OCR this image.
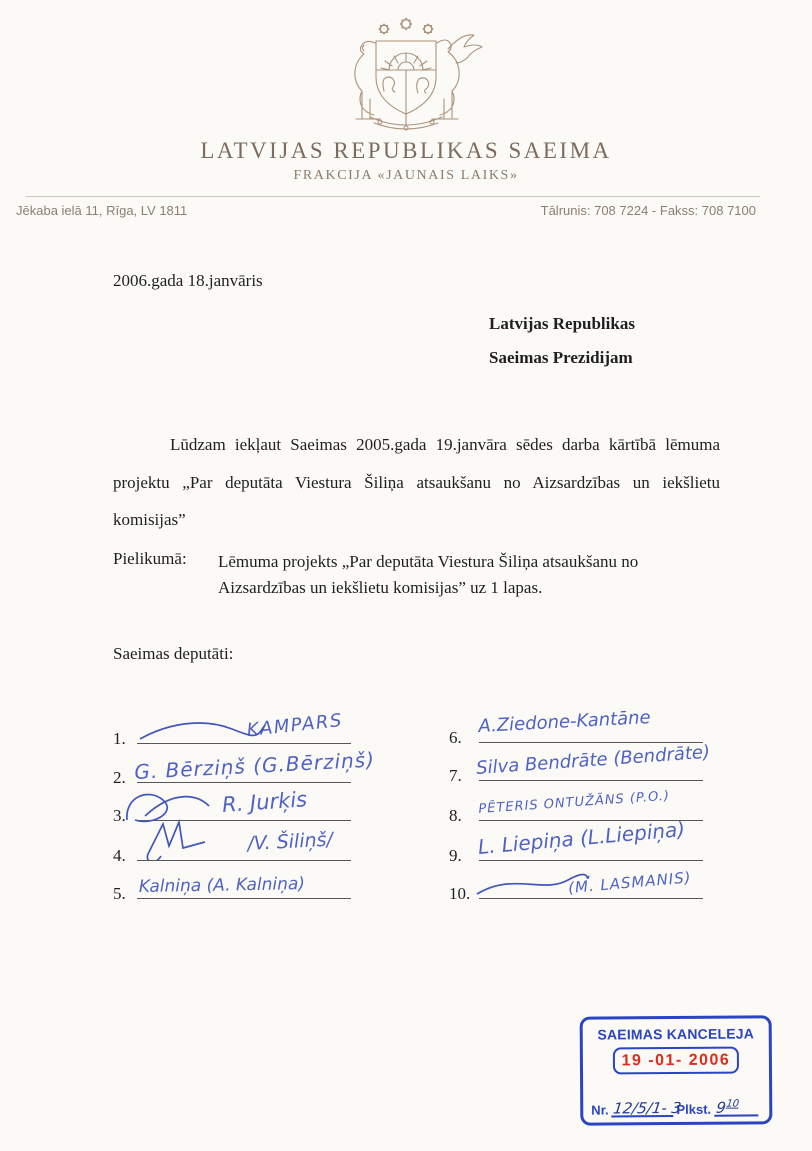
LATVIJAS REPUBLIKAS SAEIMA
FRAKCIJA «JAUNAIS LAIKS»
Jēkaba ielā 11, Rīga, LV 1811	Tālrunis: 708 7224 - Fakss: 708 7100
2006.gada 18.janvāris
Latvijas Republikas
Saeimas Prezidijam

Lūdzam iekļaut Saeimas 2005.gada 19.janvāra sēdes darba kārtībā lēmuma projektu „Par deputāta Viestura Šiliņa atsaukšanu no Aizsardzības un iekšlietu komisijas”

Pielikumā: Lēmuma projekts „Par deputāta Viestura Šiliņa atsaukšanu no
Aizsardzības un iekšlietu komisijas” uz 1 lapas.
Saeimas deputāti:
1.	KAMPARS
2. G. Bērziņš (G.Bērziņš)
3.	R. Jurķis
4.
/V. Šiliņš/
5. Kalniņa (A. Kalniņa)
6.
A.Ziedone-Kantāne
7. Silva Bendrāte (Bendrāte)
8. PĒTERIS ONTUŽĀNS (P.O.)
9. L. Liepiņa (L.Liepiņa)
10.	(M. LASMANIS)
SAEIMAS KANCELEJA
19 -01- 2006
Nr. 12/5/1- 3
Plkst. $9^{10}$
